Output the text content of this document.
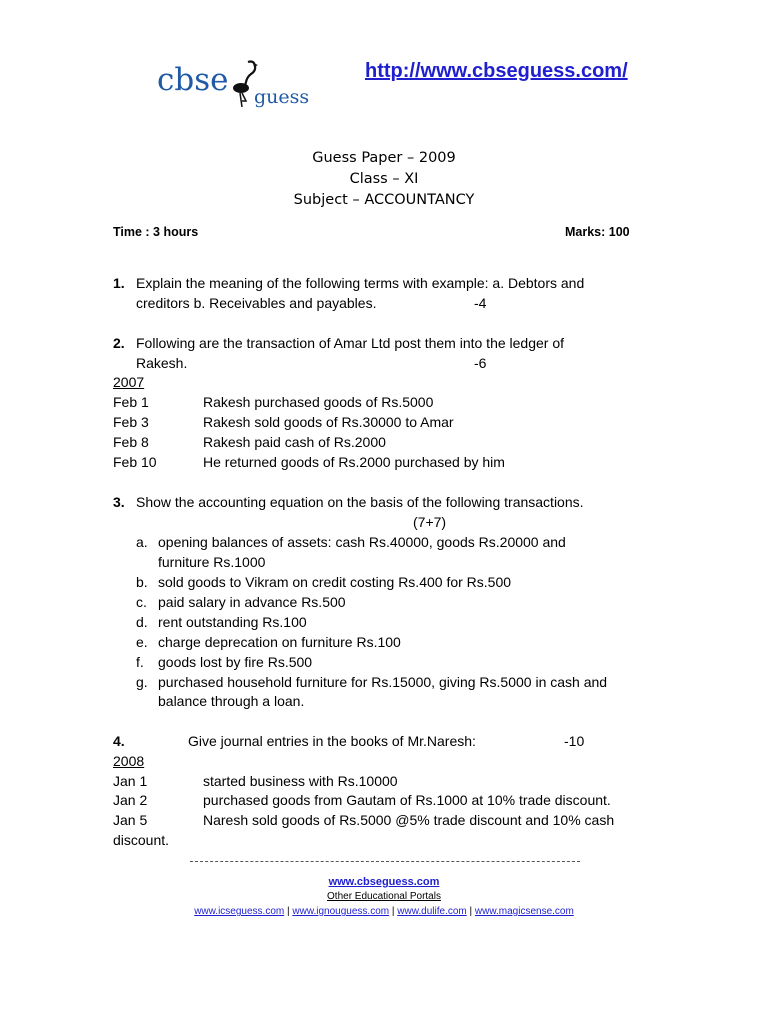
cbse guess
http://www.cbseguess.com/
Guess Paper – 2009
Class – XI
Subject – ACCOUNTANCY
Time : 3 hours	Marks: 100
1. Explain the meaning of the following terms with example: a. Debtors and
creditors b. Receivables and payables.	-4
2. Following are the transaction of Amar Ltd post them into the ledger of
Rakesh.	-6
2007
Feb 1	Rakesh purchased goods of Rs.5000
Feb 3	Rakesh sold goods of Rs.30000 to Amar
Feb 8	Rakesh paid cash of Rs.2000
Feb 10	He returned goods of Rs.2000 purchased by him
3. Show the accounting equation on the basis of the following transactions.
(7+7)
a. opening balances of assets: cash Rs.40000, goods Rs.20000 and
furniture Rs.1000
b. sold goods to Vikram on credit costing Rs.400 for Rs.500
c. paid salary in advance Rs.500
d. rent outstanding Rs.100
e. charge deprecation on furniture Rs.100
f. goods lost by fire Rs.500
g. purchased household furniture for Rs.15000, giving Rs.5000 in cash and
balance through a loan.
4.	Give journal entries in the books of Mr.Naresh:	-10
2008
Jan 1	started business with Rs.10000
Jan 2	purchased goods from Gautam of Rs.1000 at 10% trade discount.
Jan 5	Naresh sold goods of Rs.5000 @5% trade discount and 10% cash
discount.
www.cbseguess.com
Other Educational Portals
www.icseguess.com | www.ignouguess.com | www.dulife.com | www.magicsense.com
